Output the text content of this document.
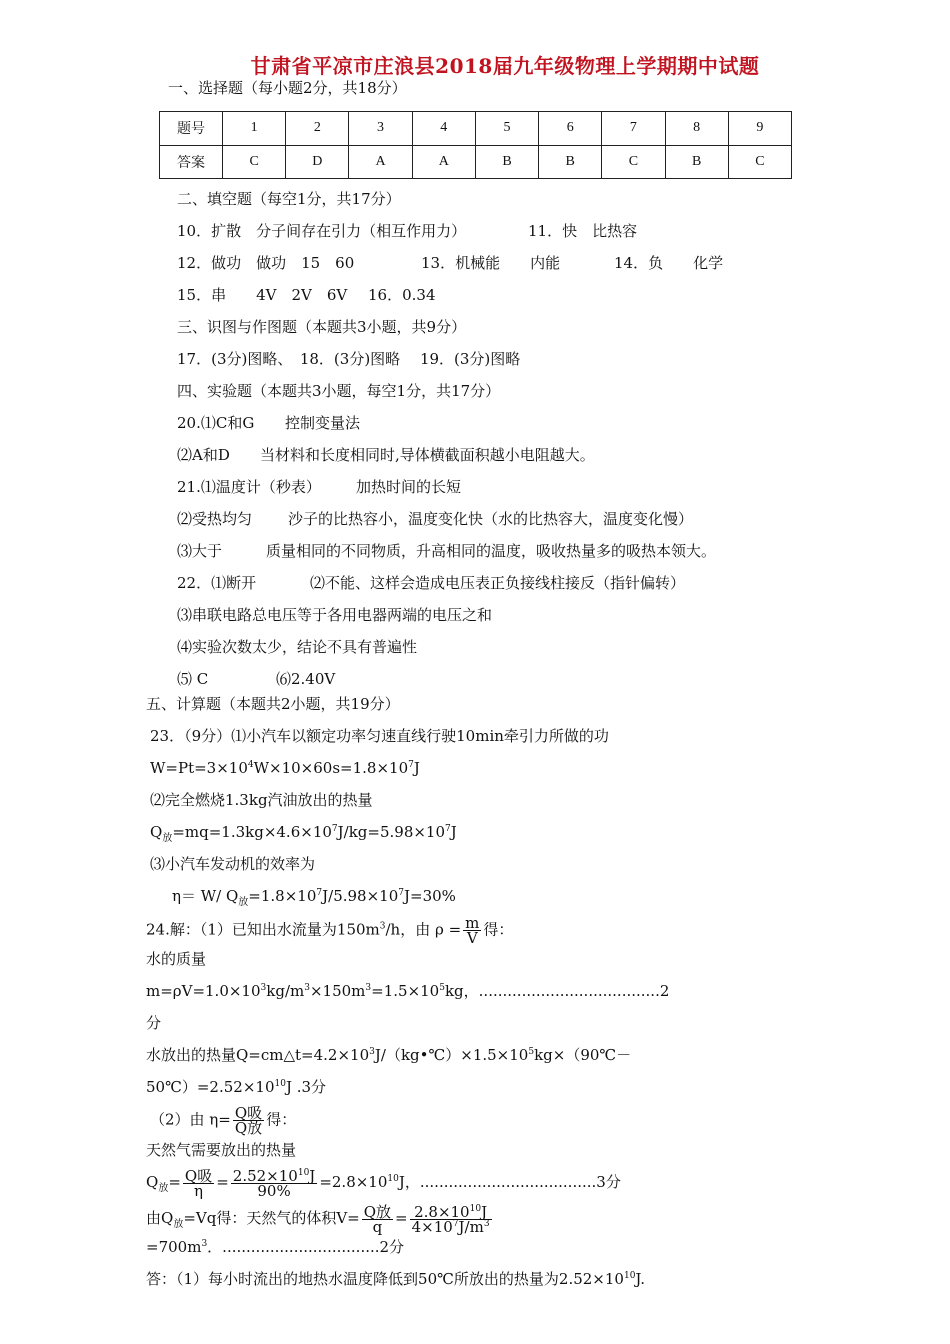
甘肃省平凉市庄浪县2018届九年级物理上学期期中试题
一、选择题（每小题2分，共18分）
题号	1	2	3	4	5	6	7	8	9
答案	C	D	A	A	B	B	C	B	C
二、填空题（每空1分，共17分）
10．扩散　分子间存在引力（相互作用力）	11．快　比热容
12．做功　做功　15　60	13．机械能　　内能	14．负　　化学
15．串　　4V　2V　6V 16．0.34
三、识图与作图题（本题共3小题，共9分）
17．(3分)图略、　18．(3分)图略　 19．(3分)图略
四、实验题（本题共3小题，每空1分，共17分）
20.⑴C和G 控制变量法
⑵A和D 当材料和长度相同时,导体横截面积越小电阻越大。
21.⑴温度计（秒表） 加热时间的长短
⑵受热均匀 沙子的比热容小，温度变化快（水的比热容大，温度变化慢）
⑶大于	质量相同的不同物质，升高相同的温度，吸收热量多的吸热本领大。
22．⑴断开	⑵不能、这样会造成电压表正负接线柱接反（指针偏转）
⑶串联电路总电压等于各用电器两端的电压之和
⑷实验次数太少，结论不具有普遍性
⑸ C	⑹2.40V
五、计算题（本题共2小题，共19分）
23．（9分）⑴小汽车以额定功率匀速直线行驶10min牵引力所做的功
$W=Pt=3\times 10^4W\times 10\times 60s=1.8\times 10^7J$
⑵完全燃烧1.3kg汽油放出的热量
$Q_放=mq=1.3kg\times 4.6\times 10^7J/kg=5.98\times 10^7J$
⑶小汽车发动机的效率为
η＝ W/ $Q_放=1.8\times 10^7J/5.98\times 10^7J=30\%$
24.解：（1）已知出水流量为$150m^3/h$，由 $\rho = \frac{m}{V}$ 得：
水的质量
$m=\rho V=1.0\times 10^3kg/m^3\times 150m^3=1.5\times 10^5kg$，......................................2
分
水放出的热量$Q=cm\triangle t=4.2\times 10^3J/(kg•℃)\times 1.5\times 10^5kg\times(90℃-$
$50℃)=2.52\times 10^{10}J$ .3分
（2）由 $\eta= \frac{\text{Q吸}}{\text{Q放}}$ 得：
天然气需要放出的热量
$Q_放= \frac{\text{Q吸}}{\eta} = \frac{2.52\times 10^{10}J}{90\%} =2.8\times 10^{10}J$，.....................................3分
由$Q_放=Vq$得：天然气的体积$V= \frac{\text{Q放}}{q} = \frac{2.8\times 10^{10}J}{4\times 10^7J/m^3}$
$=700m^3$．.................................2分
答：（1）每小时流出的地热水温度降低到50℃所放出的热量为$2.52\times 10^{10}J$.
